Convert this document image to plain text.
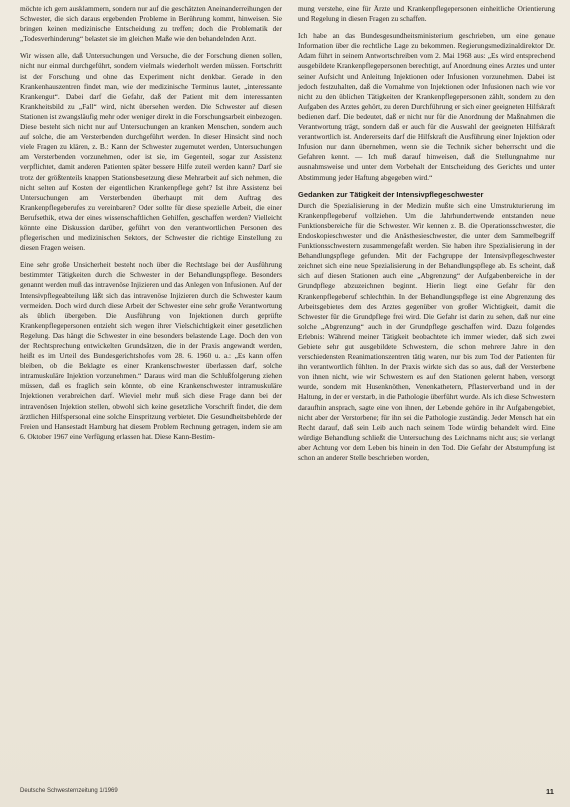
möchte ich gern ausklammern, sondern nur auf die geschätzten Aneinanderreihungen der Schwester, die sich daraus ergebenden Probleme in Berührung kommt, hinweisen. Sie bringen keinen medizinische Entscheidung zu treffen; doch die Problematik der „Todesverhinderung“ belastet sie im gleichen Maße wie den behandelnden Arzt.

Wir wissen alle, daß Untersuchungen und Versuche, die der Forschung dienen sollen, nicht nur einmal durchgeführt, sondern vielmals wiederholt werden müssen. Fortschritt ist der Forschung und ohne das Experiment nicht denkbar. Gerade in den Krankenhauszentren findet man, wie der medizinische Terminus lautet, „interessante Krankengut“. Dabei darf die Gefahr, daß der Patient mit dem interessanten Krankheitsbild zu „Fall“ wird, nicht übersehen werden. Die Schwester auf diesen Stationen ist zwangsläufig mehr oder weniger direkt in die Forschungsarbeit einbezogen. Diese besteht sich nicht nur auf Untersuchungen an kranken Menschen, sondern auch auf solche, die am Versterbenden durchgeführt werden. In dieser Hinsicht sind noch viele Fragen zu klären, z. B.: Kann der Schwester zugemutet werden, Untersuchungen am Versterbenden vorzunehmen, oder ist sie, im Gegenteil, sogar zur Assistenz verpflichtet, damit anderen Patienten später bessere Hilfe zuteil werden kann? Darf sie trotz der größtenteils knappen Stationsbesetzung diese Mehrarbeit auf sich nehmen, die nicht selten auf Kosten der eigentlichen Krankenpflege geht? Ist ihre Assistenz bei Untersuchungen am Versterbenden überhaupt mit dem Auftrag des Krankenpflegeberufes zu vereinbaren? Oder sollte für diese spezielle Arbeit, die einer Berufsethik, etwa der eines wissenschaftlichen Gehilfen, geschaffen werden? Vielleicht könnte eine Diskussion darüber, geführt von den verantwortlichen Personen des pflegerischen und medizinischen Sektors, der Schwester die richtige Einstellung zu diesen Fragen weisen.

Eine sehr große Unsicherheit besteht noch über die Rechtslage bei der Ausführung bestimmter Tätigkeiten durch die Schwester in der Behandlungspflege. Besonders genannt werden muß das intravenöse Injizieren und das Anlegen von Infusionen. Auf der Intensivpflegeabteilung läßt sich das intravenöse Injizieren durch die Schwester kaum vermeiden. Doch wird durch diese Arbeit der Schwester eine sehr große Verantwortung als üblich übergeben. Die Ausführung von Injektionen durch geprüfte Krankenpflegepersonen entzieht sich wegen ihrer Vielschichtigkeit einer gesetzlichen Regelung. Das hängt die Schwester in eine besonders belastende Lage. Doch den von der Rechtsprechung entwickelten Grundsätzen, die in der Praxis angewandt werden, heißt es im Urteil des Bundesgerichtshofes vom 28. 6. 1960 u. a.: „Es kann offen bleiben, ob die Beklagte es einer Krankenschwester überlassen darf, solche intramuskuläre Injektion vorzunehmen.“ Daraus wird man die Schlußfolgerung ziehen müssen, daß es fraglich sein könnte, ob eine Krankenschwester intramuskuläre Injektionen verabreichen darf. Wieviel mehr muß sich diese Frage dann bei der intravenösen Injektion stellen, obwohl sich keine gesetzliche Vorschrift findet, die dem ärztlichen Hilfspersonal eine solche Einspritzung verbietet. Die Gesundheitsbehörde der Freien und Hansestadt Hamburg hat diesem Problem Rechnung getragen, indem sie am 6. Oktober 1967 eine Verfügung erlassen hat. Diese Kann-Bestim-

mung verstehe, eine für Ärzte und Krankenpflegepersonen einheitliche Orientierung und Regelung in diesen Fragen zu schaffen.

Ich habe an das Bundesgesundheitsministerium geschrieben, um eine genaue Information über die rechtliche Lage zu bekommen. Regierungsmedizinaldirektor Dr. Adam führt in seinem Antwortschreiben vom 2. Mai 1968 aus: „Es wird entsprechend ausgebildete Krankenpflegepersonen berechtigt, auf Anordnung eines Arztes und unter seiner Aufsicht und Anleitung Injektionen oder Infusionen vorzunehmen. Dabei ist jedoch festzuhalten, daß die Vornahme von Injektionen oder Infusionen nach wie vor nicht zu den üblichen Tätigkeiten der Krankenpflegepersonen zählt, sondern zu den Aufgaben des Arztes gehört, zu deren Durchführung er sich einer geeigneten Hilfskraft bedienen darf. Die bedeutet, daß er nicht nur für die Anordnung der Maßnahmen die Verantwortung trägt, sondern daß er auch für die Auswahl der geeigneten Hilfskraft verantwortlich ist. Andererseits darf die Hilfskraft die Ausführung einer Injektion oder Infusion nur dann übernehmen, wenn sie die Technik sicher beherrscht und die Gefahren kennt. — Ich muß darauf hinweisen, daß die Stellungnahme nur ausnahmsweise und unter dem Vorbehalt der Entscheidung des Gerichts und unter Abstimmung jeder Haftung abgegeben wird.“

Gedanken zur Tätigkeit der Intensivpflegeschwester

Durch die Spezialisierung in der Medizin mußte sich eine Umstrukturierung im Krankenpflegeberuf vollziehen. Um die Jahrhundertwende entstanden neue Funktionsbereiche für die Schwester. Wir kennen z. B. die Operationsschwester, die Endoskopieschwester und die Anästhesieschwester, die unter dem Sammelbegriff Funktionsschwestern zusammengefaßt werden. Sie haben ihre Spezialisierung in der Behandlungspflege gefunden. Mit der Fachgruppe der Intensivpflegeschwester zeichnet sich eine neue Spezialisierung in der Behandlungspflege ab. Es scheint, daß sich auf diesen Stationen auch eine „Abgrenzung“ der Aufgabenbereiche in der Grundpflege abzuzeichnen beginnt. Hierin liegt eine Gefahr für den Krankenpflegeberuf schlechthin. In der Behandlungspflege ist eine Abgrenzung des Arbeitsgebietes dem des Arztes gegenüber von großer Wichtigkeit, damit die Schwester für die Grundpflege frei wird. Die Gefahr ist darin zu sehen, daß nur eine solche „Abgrenzung“ auch in der Grundpflege geschaffen wird. Dazu folgendes Erlebnis: Während meiner Tätigkeit beobachtete ich immer wieder, daß sich zwei Gebiete sehr gut ausgebildete Schwestern, die schon mehrere Jahre in den verschiedensten Reanimationszentren tätig waren, nur bis zum Tod der Patienten für ihn verantwortlich fühlten. In der Praxis wirkte sich das so aus, daß der Versterbene von ihnen nicht, wie wir Schwestern es auf den Stationen gelernt haben, versorgt wurde, sondern mit Husenknöthen, Venenkathetern, Pflasterverband und in der Haltung, in der er verstarb, in die Pathologie überführt wurde. Als ich diese Schwestern daraufhin ansprach, sagte eine von ihnen, der Lebende gehöre in ihr Aufgabengebiet, nicht aber der Verstorbene; für ihn sei die Pathologie zuständig. Jeder Mensch hat ein Recht darauf, daß sein Leib auch nach seinem Tode würdig behandelt wird. Eine würdige Behandlung schließt die Untersuchung des Leichnams nicht aus; sie verlangt aber Achtung vor dem Leben bis hinein in den Tod. Die Gefahr der Abstumpfung ist schon an anderer Stelle beschrieben worden,

Deutsche Schwesternzeitung 1/1969	11
